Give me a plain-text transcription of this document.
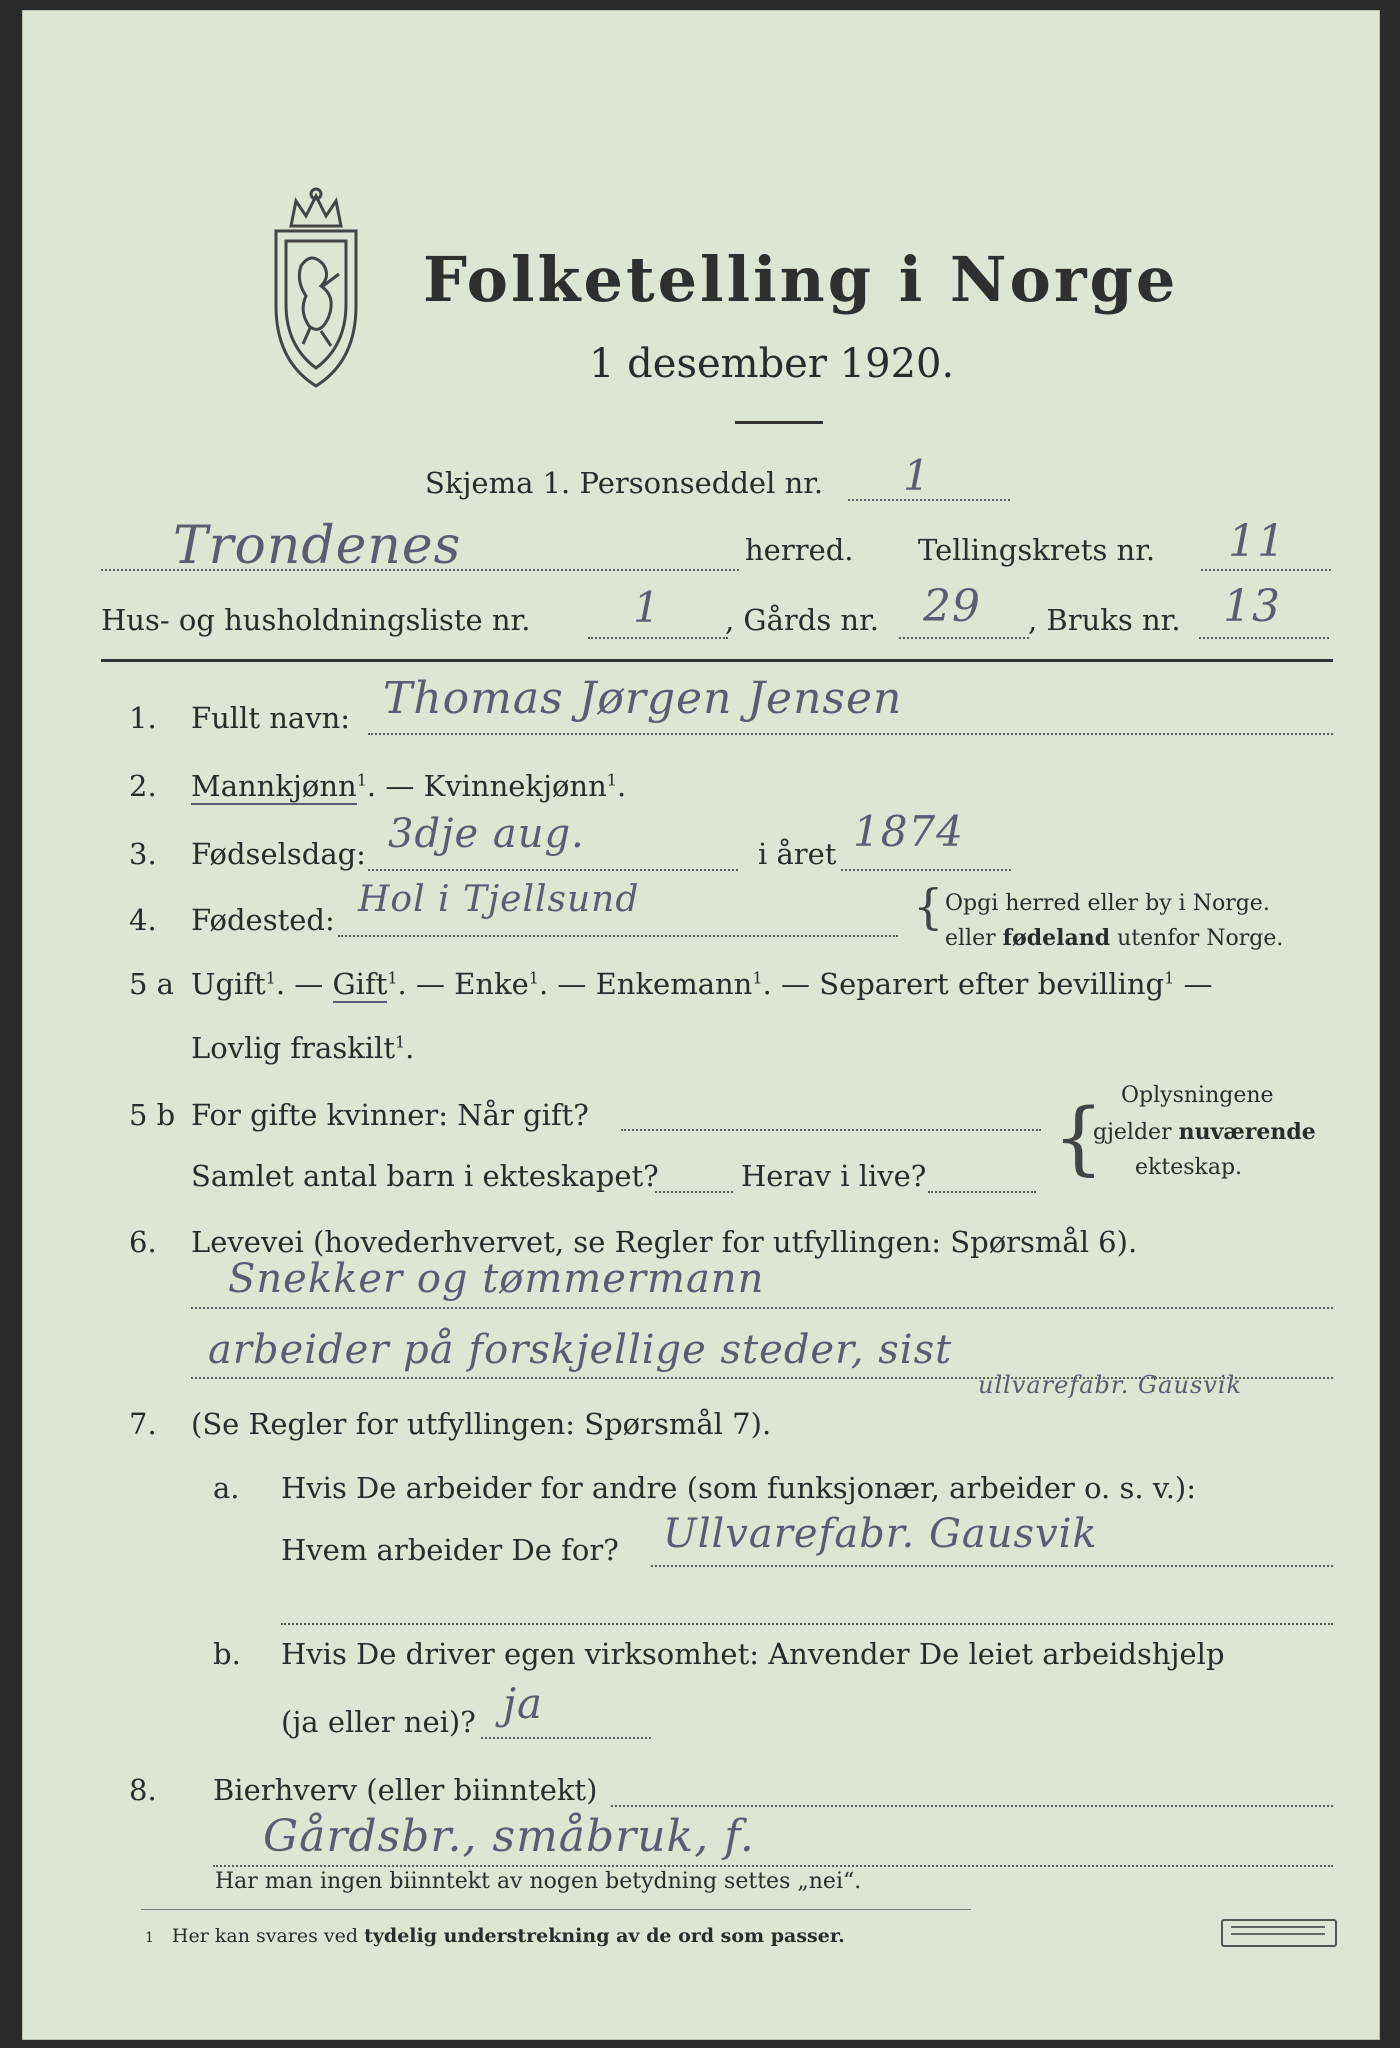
Folketelling i Norge
1 desember 1920.
Skjema 1. Personseddel nr. 1
Trondenes	herred. Tellingskrets nr. 11
Hus- og husholdningsliste nr. 1 , Gårds nr. 29 , Bruks nr. 13
1. Fullt navn: Thomas Jørgen Jensen
2. Mannkjønn$^1$. — Kvinnekjønn$^1$.
3. Fødselsdag: 3dje aug.	i året 1874
4. Fødested: Hol i Tjellsund	{ Opgi herred eller by i Norge.
eller fødeland utenfor Norge.
5 a Ugift$^1$. — Gift$^1$. — Enke$^1$. — Enkemann$^1$. — Separert efter bevilling$^1$ —
Lovlig fraskilt$^1$.
5 b For gifte kvinner: Når gift?
Samlet antal barn i ekteskapet?	Herav i live? { Oplysningene
gjelder nuværende
ekteskap.
6. Levevei (hovederhvervet, se Regler for utfyllingen: Spørsmål 6).
Snekker og tømmermann
arbeider på forskjellige steder, sist
ullvarefabr. Gausvik
7. (Se Regler for utfyllingen: Spørsmål 7).
a. Hvis De arbeider for andre (som funksjonær, arbeider o. s. v.):
Hvem arbeider De for? Ullvarefabr. Gausvik
b. Hvis De driver egen virksomhet: Anvender De leiet arbeidshjelp
(ja eller nei)? ja
8. Bierhverv (eller biinntekt)
Gårdsbr., småbruk, f.
Har man ingen biinntekt av nogen betydning settes „nei“.
1 Her kan svares ved tydelig understrekning av de ord som passer.
